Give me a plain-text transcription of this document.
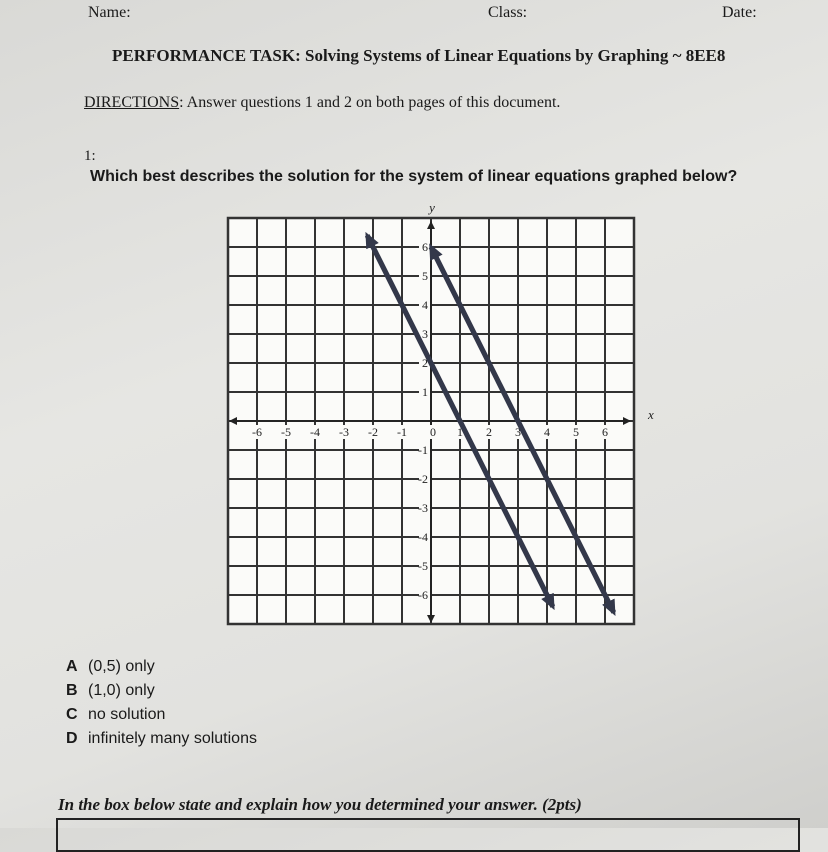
Name:	Class:	Date:
PERFORMANCE TASK: Solving Systems of Linear Equations by Graphing ~ 8EE8
DIRECTIONS: Answer questions 1 and 2 on both pages of this document.
1:
Which best describes the solution for the system of linear equations graphed below?
-6 -5 -4 -3 -2 -1 0 1 2 3 4 5 6
1
2
3
4
5
6
-1
-2
-3
-4
-5
-6
x
y
A (0,5) only
B (1,0) only
C no solution
D infinitely many solutions
In the box below state and explain how you determined your answer. (2pts)
